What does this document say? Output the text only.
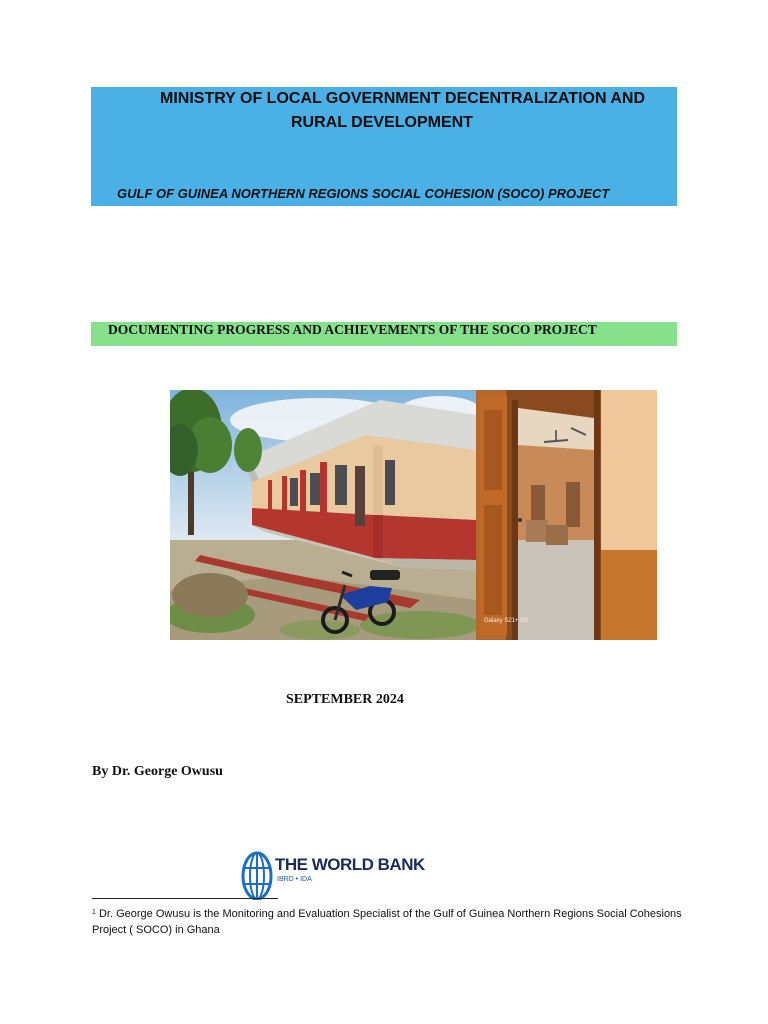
MINISTRY OF LOCAL GOVERNMENT DECENTRALIZATION AND
RURAL DEVELOPMENT
GULF OF GUINEA NORTHERN REGIONS SOCIAL COHESION (SOCO) PROJECT
DOCUMENTING PROGRESS AND ACHIEVEMENTS OF THE SOCO PROJECT
Galaxy S21+ 5G
SEPTEMBER 2024
By Dr. George Owusu
THE WORLD BANK
IBRD • IDA
$^1$ Dr. George Owusu is the Monitoring and Evaluation Specialist of the Gulf of Guinea Northern Regions Social Cohesions Project ( SOCO) in Ghana
